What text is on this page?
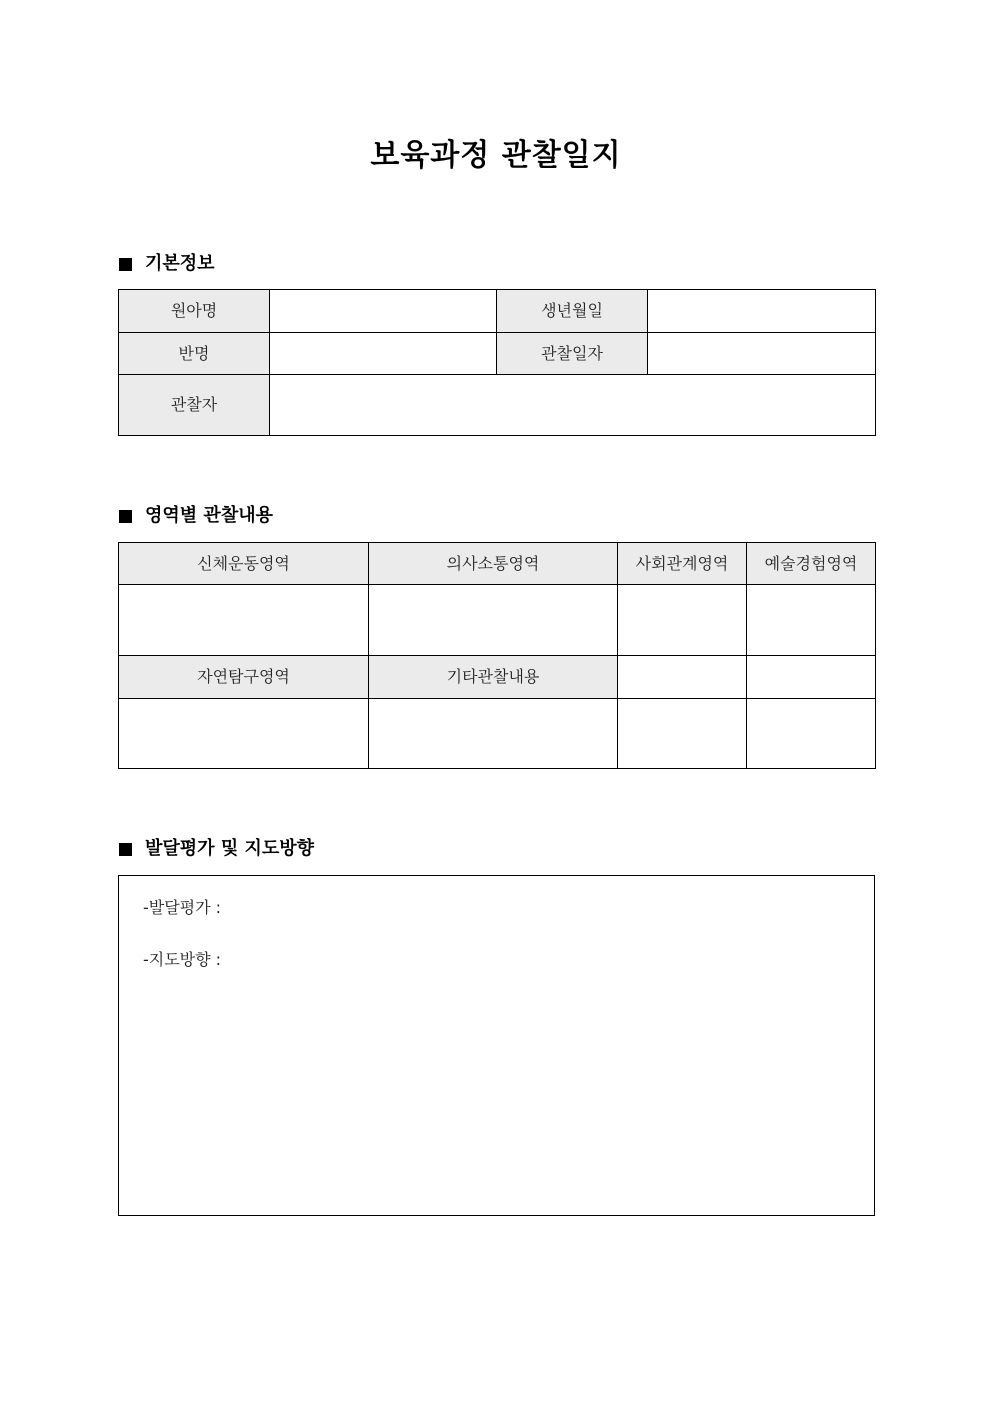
보육과정 관찰일지
기본정보
원아명		생년월일	
반명		관찰일자	
관찰자			
영역별 관찰내용
신체운동영역	의사소통영역	사회관계영역	예술경험영역

자연탐구영역	기타관찰내용		

발달평가 및 지도방향
-발달평가 :
-지도방향 :
